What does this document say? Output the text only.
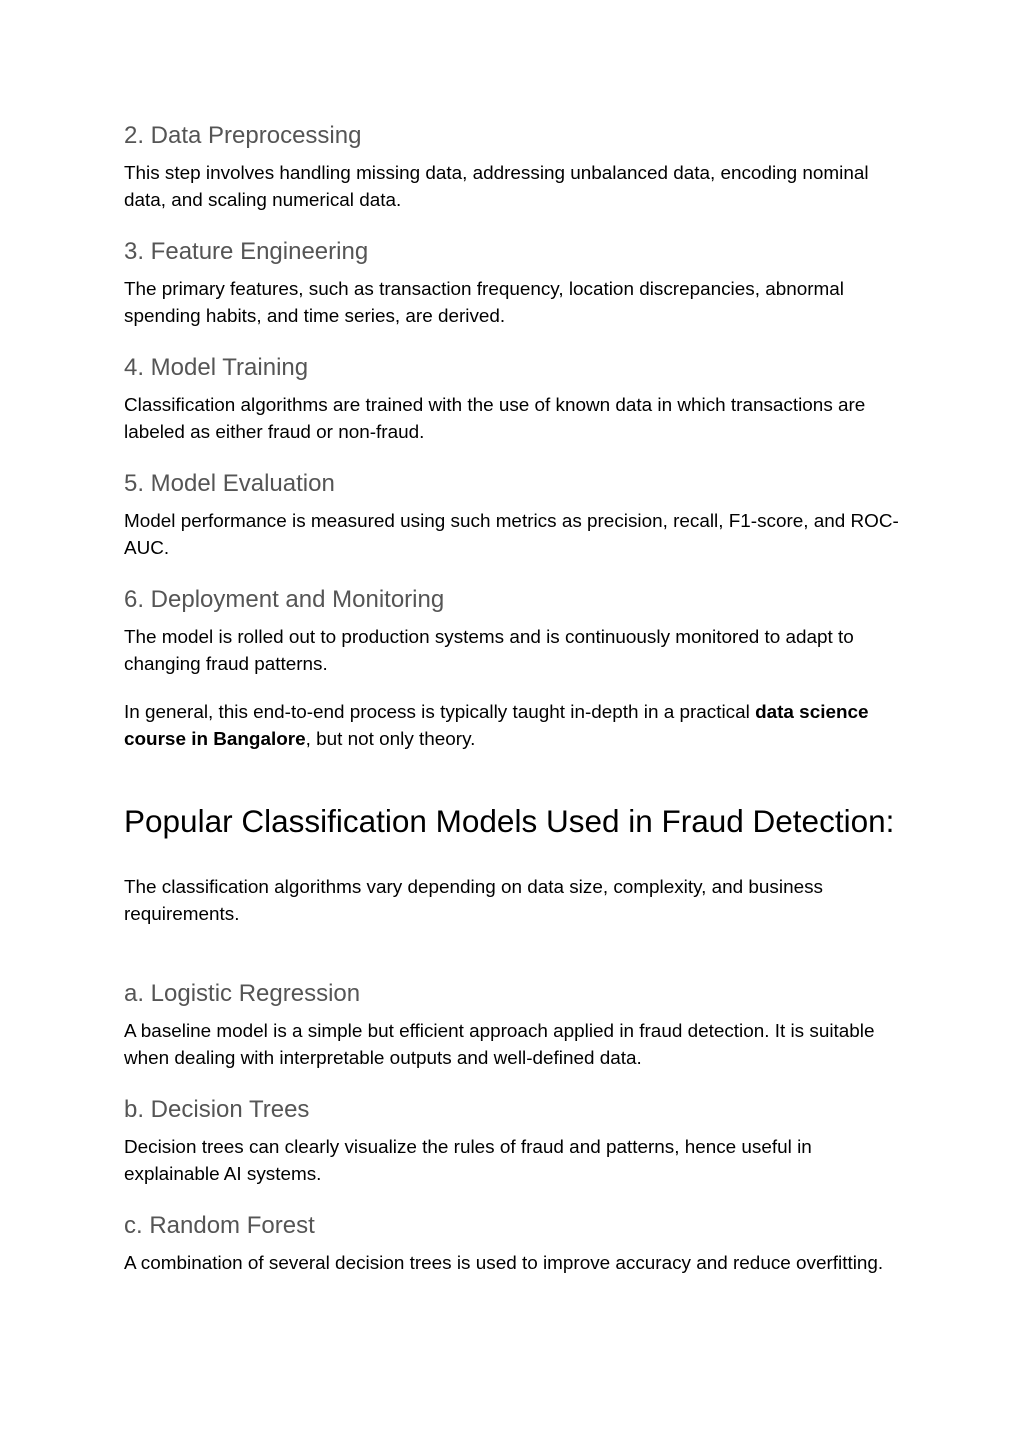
2. Data Preprocessing

This step involves handling missing data, addressing unbalanced data, encoding nominal data, and scaling numerical data.

3. Feature Engineering

The primary features, such as transaction frequency, location discrepancies, abnormal spending habits, and time series, are derived.

4. Model Training

Classification algorithms are trained with the use of known data in which transactions are labeled as either fraud or non-fraud.

5. Model Evaluation

Model performance is measured using such metrics as precision, recall, F1-score, and ROC-AUC.

6. Deployment and Monitoring

The model is rolled out to production systems and is continuously monitored to adapt to changing fraud patterns.

In general, this end-to-end process is typically taught in-depth in a practical data science course in Bangalore, but not only theory.

Popular Classification Models Used in Fraud Detection:

The classification algorithms vary depending on data size, complexity, and business requirements.

a. Logistic Regression

A baseline model is a simple but efficient approach applied in fraud detection. It is suitable when dealing with interpretable outputs and well-defined data.

b. Decision Trees

Decision trees can clearly visualize the rules of fraud and patterns, hence useful in explainable AI systems.

c. Random Forest

A combination of several decision trees is used to improve accuracy and reduce overfitting.
